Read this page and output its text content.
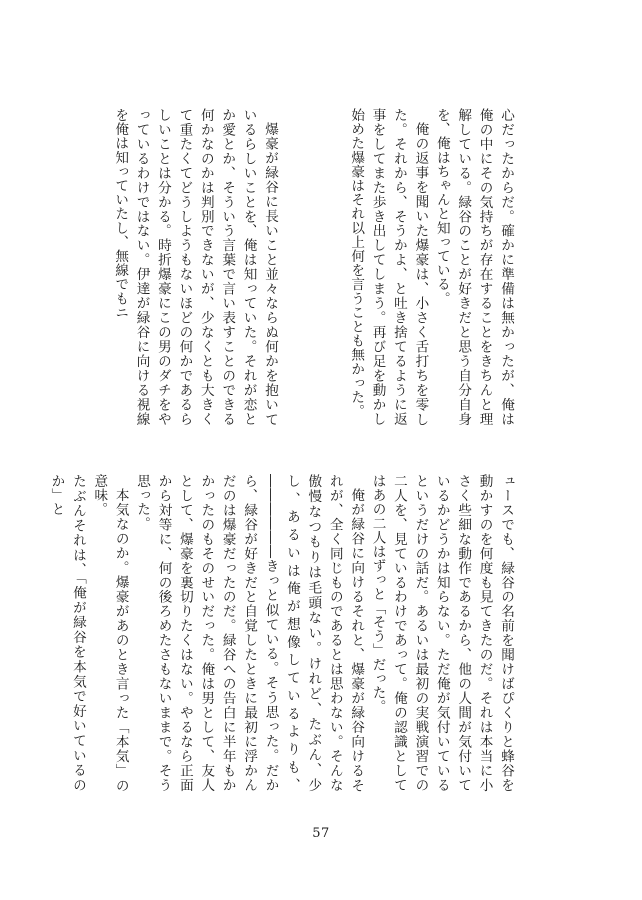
心だったからだ。確かに準備は無かったが、俺は俺の中にその気持ちが存在することをきちんと理解している。緑谷のことが好きだと思う自分自身を、俺はちゃんと知っている。

俺の返事を聞いた爆豪は、小さく舌打ちを零した。それから、そうかよ、と吐き捨てるように返事をしてまた歩き出してしまう。再び足を動かし始めた爆豪はそれ以上何を言うことも無かった。

爆豪が緑谷に長いこと並々ならぬ何かを抱いているらしいことを、俺は知っていた。それが恋とか愛とか、そういう言葉で言い表すことのできる何かなのかは判別できないが、少なくとも大きくて重たくてどうしようもないほどの何かであるらしいことは分かる。時折爆豪にこの男のダチをやっているわけではない。伊達が緑谷に向ける視線を俺は知っていたし、無線でもニ

ュースでも、緑谷の名前を聞けばぴくりと蜂谷を動かすのを何度も見てきたのだ。それは本当に小さく些細な動作であるから、他の人間が気付いているかどうかは知らない。ただ俺が気付いているというだけの話だ。あるいは最初の実戦演習での二人を、見ているわけであって。俺の認識としてはあの二人はずっと「そう」だった。

俺が緑谷に向けるそれと、爆豪が緑谷向けるそれが、全く同じものであるとは思わない。そんな傲慢なつもりは毛頭ない。けれど、たぶん、少し、あるいは俺が想像しているよりも、――――――きっと似ている。そう思った。だから、緑谷が好きだと自覚したときに最初に浮かんだのは爆豪だったのだ。緑谷への告白に半年もかかったのもそのせいだった。俺は男として、友人として、爆豪を裏切りたくはない。やるなら正面から対等に、何の後ろめたさもないままで。そう思った。

本気なのか。爆豪があのとき言った「本気」の意味。

たぶんそれは、「俺が緑谷を本気で好いているのか」と

57
